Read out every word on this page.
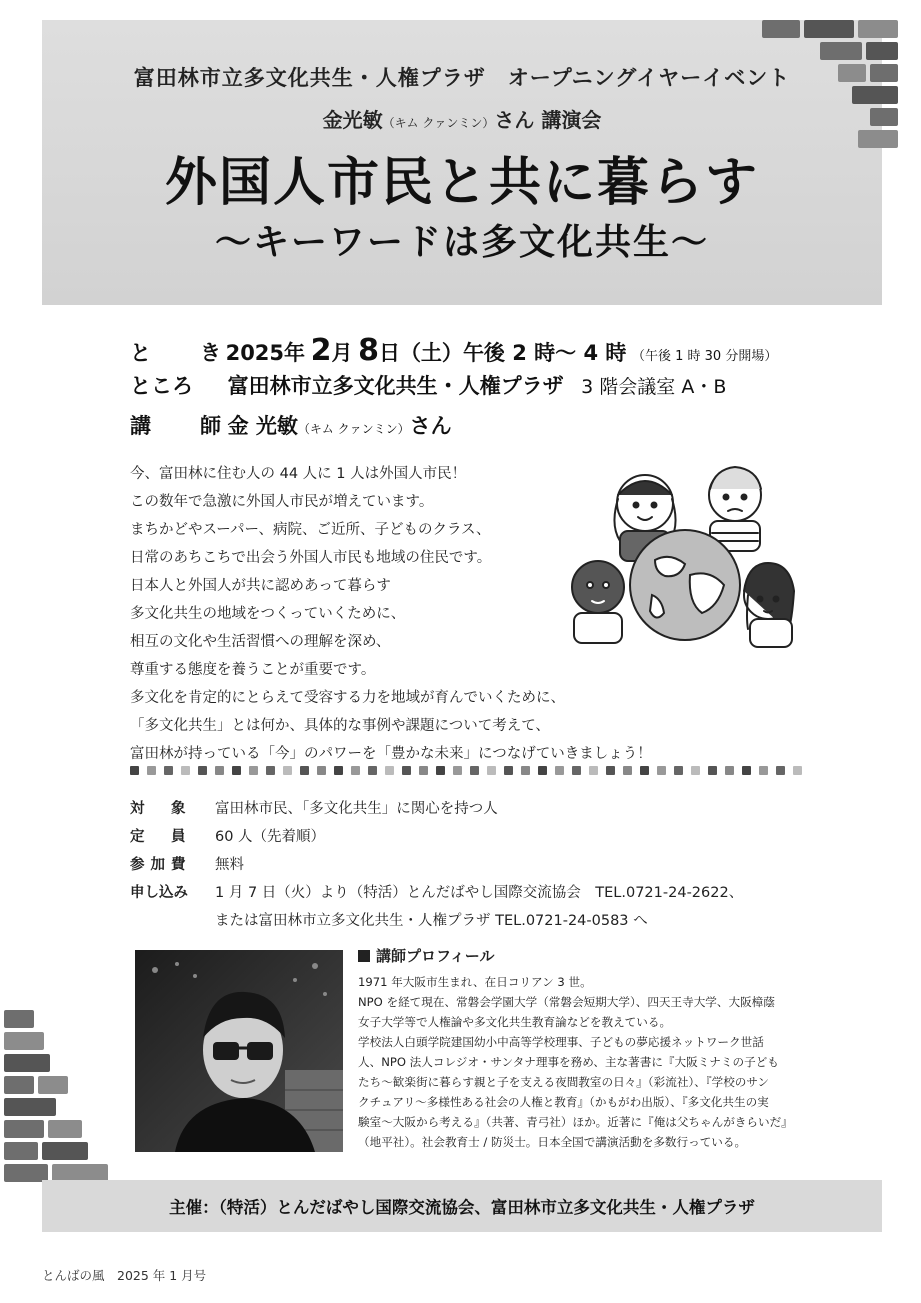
富田林市立多文化共生・人権プラザ　オープニングイヤーイベント
金光敏（キム クァンミン）さん 講演会
外国人市民と共に暮らす
〜キーワードは多文化共生〜
と　き 2025年 2月 8日（土）午後 2 時〜 4 時 （午後 1 時 30 分開場）
ところ 富田林市立多文化共生・人権プラザ 3 階会議室 A・B
講　師 金 光敏（キム クァンミン）さん

今、富田林に住む人の 44 人に 1 人は外国人市民！

この数年で急激に外国人市民が増えています。

まちかどやスーパー、病院、ご近所、子どものクラス、

日常のあちこちで出会う外国人市民も地域の住民です。

日本人と外国人が共に認めあって暮らす

多文化共生の地域をつくっていくために、

相互の文化や生活習慣への理解を深め、

尊重する態度を養うことが重要です。

多文化を肯定的にとらえて受容する力を地域が育んでいくために、

「多文化共生」とは何か、具体的な事例や課題について考えて、

富田林が持っている「今」のパワーを「豊かな未来」につなげていきましょう！

対　象	富田林市民、「多文化共生」に関心を持つ人
定　員	60 人（先着順）
参加費	無料
申し込み	1 月 7 日（火）より（特活）とんだばやし国際交流協会　TEL.0721-24-2622、
または富田林市立多文化共生・人権プラザ TEL.0721-24-0583 へ
講師プロフィール

1971 年大阪市生まれ、在日コリアン 3 世。

NPO を経て現在、常磐会学園大学（常磐会短期大学）、四天王寺大学、大阪樟蔭

女子大学等で人権論や多文化共生教育論などを教えている。

学校法人白頭学院建国幼小中高等学校理事、子どもの夢応援ネットワーク世話

人、NPO 法人コレジオ・サンタナ理事を務め、主な著書に『大阪ミナミの子ども

たち〜歓楽街に暮らす親と子を支える夜間教室の日々』（彩流社）、『学校のサン

クチュアリ〜多様性ある社会の人権と教育』（かもがわ出版）、『多文化共生の実

験室〜大阪から考える』（共著、青弓社）ほか。近著に『俺は父ちゃんがきらいだ』

（地平社）。社会教育士 / 防災士。日本全国で講演活動を多数行っている。

主催：（特活）とんだばやし国際交流協会、富田林市立多文化共生・人権プラザ
とんばの風　2025 年 1 月号
